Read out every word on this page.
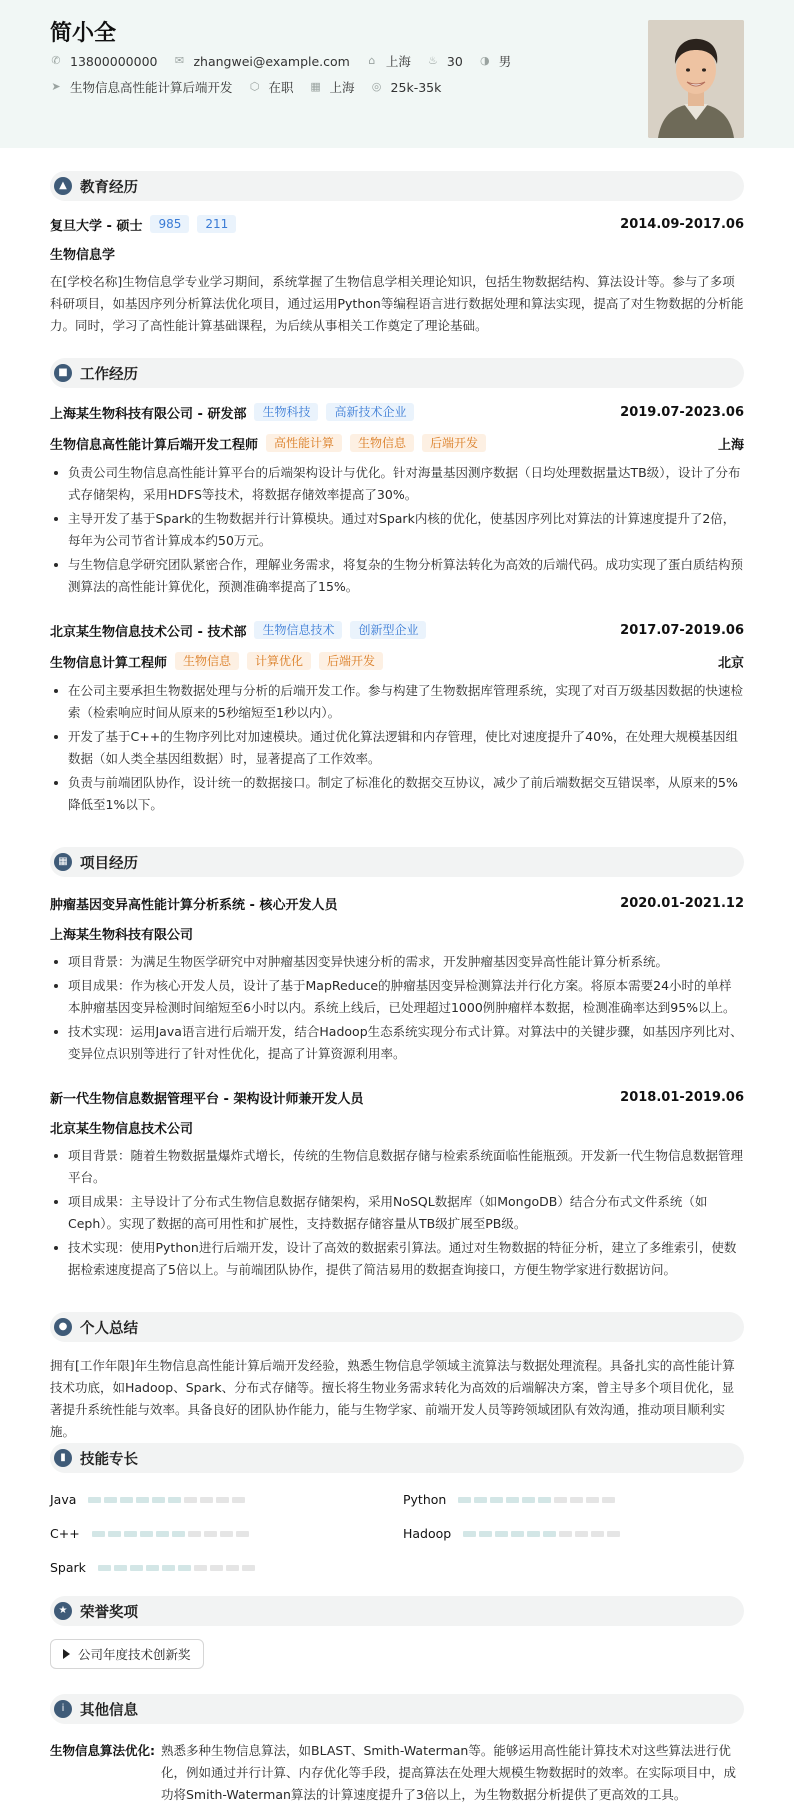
简小全
✆ 13800000000 ✉ zhangwei@example.com ⌂ 上海 ♨ 30 ◑ 男
➤ 生物信息高性能计算后端开发 ⬡ 在职 ▦ 上海 ◎ 25k-35k
▲ 教育经历
复旦大学 - 硕士	985	211	2014.09-2017.06
生物信息学
在[学校名称]生物信息学专业学习期间，系统掌握了生物信息学相关理论知识，包括生物数据结构、算法设计等。参与了多项科研项目，如基因序列分析算法优化项目，通过运用Python等编程语言进行数据处理和算法实现，提高了对生物数据的分析能力。同时，学习了高性能计算基础课程，为后续从事相关工作奠定了理论基础。
■ 工作经历
上海某生物科技有限公司 - 研发部	生物科技	高新技术企业	2019.07-2023.06
生物信息高性能计算后端开发工程师	高性能计算	生物信息	后端开发	上海
负责公司生物信息高性能计算平台的后端架构设计与优化。针对海量基因测序数据（日均处理数据量达TB级），设计了分布式存储架构，采用HDFS等技术，将数据存储效率提高了30%。
主导开发了基于Spark的生物数据并行计算模块。通过对Spark内核的优化，使基因序列比对算法的计算速度提升了2倍，每年为公司节省计算成本约50万元。
与生物信息学研究团队紧密合作，理解业务需求，将复杂的生物分析算法转化为高效的后端代码。成功实现了蛋白质结构预测算法的高性能计算优化，预测准确率提高了15%。
北京某生物信息技术公司 - 技术部	生物信息技术	创新型企业	2017.07-2019.06
生物信息计算工程师	生物信息	计算优化	后端开发	北京
在公司主要承担生物数据处理与分析的后端开发工作。参与构建了生物数据库管理系统，实现了对百万级基因数据的快速检索（检索响应时间从原来的5秒缩短至1秒以内）。
开发了基于C++的生物序列比对加速模块。通过优化算法逻辑和内存管理，使比对速度提升了40%，在处理大规模基因组数据（如人类全基因组数据）时，显著提高了工作效率。
负责与前端团队协作，设计统一的数据接口。制定了标准化的数据交互协议，减少了前后端数据交互错误率，从原来的5%降低至1%以下。
▦ 项目经历
肿瘤基因变异高性能计算分析系统 - 核心开发人员	2020.01-2021.12
上海某生物科技有限公司
项目背景：为满足生物医学研究中对肿瘤基因变异快速分析的需求，开发肿瘤基因变异高性能计算分析系统。
项目成果：作为核心开发人员，设计了基于MapReduce的肿瘤基因变异检测算法并行化方案。将原本需要24小时的单样本肿瘤基因变异检测时间缩短至6小时以内。系统上线后，已处理超过1000例肿瘤样本数据，检测准确率达到95%以上。
技术实现：运用Java语言进行后端开发，结合Hadoop生态系统实现分布式计算。对算法中的关键步骤，如基因序列比对、变异位点识别等进行了针对性优化，提高了计算资源利用率。
新一代生物信息数据管理平台 - 架构设计师兼开发人员	2018.01-2019.06
北京某生物信息技术公司
项目背景：随着生物数据量爆炸式增长，传统的生物信息数据存储与检索系统面临性能瓶颈。开发新一代生物信息数据管理平台。
项目成果：主导设计了分布式生物信息数据存储架构，采用NoSQL数据库（如MongoDB）结合分布式文件系统（如Ceph）。实现了数据的高可用性和扩展性，支持数据存储容量从TB级扩展至PB级。
技术实现：使用Python进行后端开发，设计了高效的数据索引算法。通过对生物数据的特征分析，建立了多维索引，使数据检索速度提高了5倍以上。与前端团队协作，提供了简洁易用的数据查询接口，方便生物学家进行数据访问。
● 个人总结
拥有[工作年限]年生物信息高性能计算后端开发经验，熟悉生物信息学领域主流算法与数据处理流程。具备扎实的高性能计算技术功底，如Hadoop、Spark、分布式存储等。擅长将生物业务需求转化为高效的后端解决方案，曾主导多个项目优化，显著提升系统性能与效率。具备良好的团队协作能力，能与生物学家、前端开发人员等跨领域团队有效沟通，推动项目顺利实施。
▮ 技能专长
Java	Python
C++	Hadoop
Spark
★ 荣誉奖项
公司年度技术创新奖
i	其他信息
生物信息算法优化: 熟悉多种生物信息算法，如BLAST、Smith-Waterman等。能够运用高性能计算技术对这些算法进行优化，例如通过并行计算、内存优化等手段，提高算法在处理大规模生物数据时的效率。在实际项目中，成功将Smith-Waterman算法的计算速度提升了3倍以上，为生物数据分析提供了更高效的工具。
